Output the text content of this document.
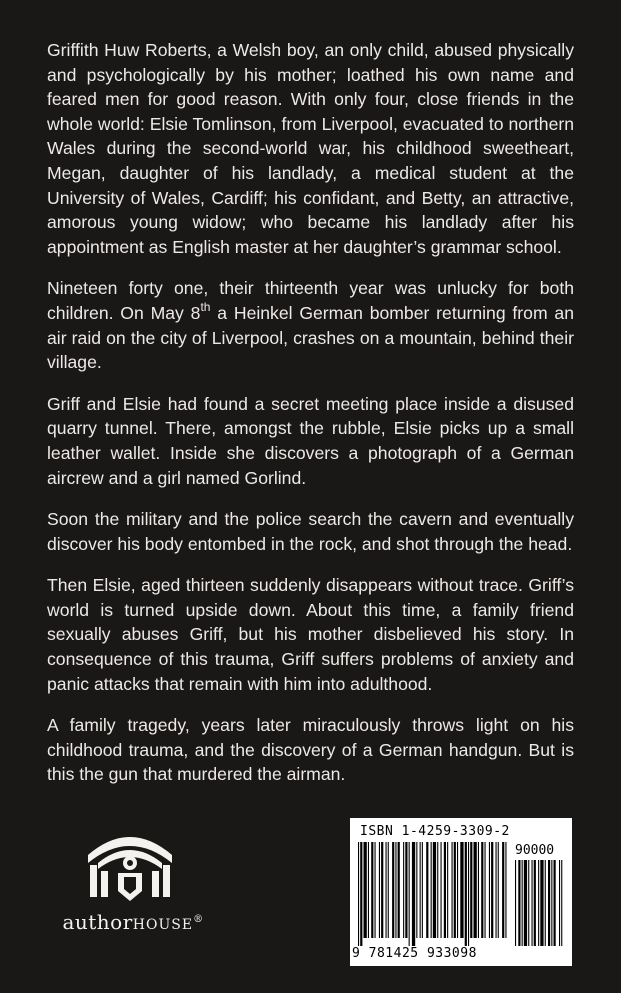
Griffith Huw Roberts, a Welsh boy, an only child, abused physically and psychologically by his mother; loathed his own name and feared men for good reason. With only four, close friends in the whole world: Elsie Tomlinson, from Liverpool, evacuated to northern Wales during the second-world war, his childhood sweetheart, Megan, daughter of his landlady, a medical student at the University of Wales, Cardiff; his confidant, and Betty, an attractive, amorous young widow; who became his landlady after his appointment as English master at her daughter’s grammar school.

Nineteen forty one, their thirteenth year was unlucky for both children. On May 8th a Heinkel German bomber returning from an air raid on the city of Liverpool, crashes on a mountain, behind their village.

Griff and Elsie had found a secret meeting place inside a disused quarry tunnel. There, amongst the rubble, Elsie picks up a small leather wallet. Inside she discovers a photograph of a German aircrew and a girl named Gorlind.

Soon the military and the police search the cavern and eventually discover his body entombed in the rock, and shot through the head.

Then Elsie, aged thirteen suddenly disappears without trace. Griff’s world is turned upside down. About this time, a family friend sexually abuses Griff, but his mother disbelieved his story. In consequence of this trauma, Griff suffers problems of anxiety and panic attacks that remain with him into adulthood.

A family tragedy, years later miraculously throws light on his childhood trauma, and the discovery of a German handgun. But is this the gun that murdered the airman.

authorHOUSE®
ISBN 1-4259-3309-2
90000
9 781425 933098
